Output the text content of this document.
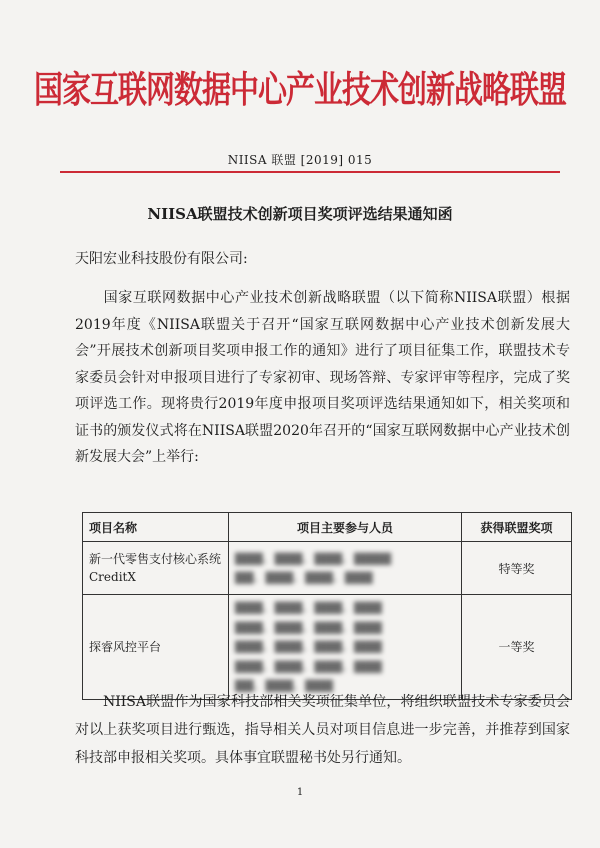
国家互联网数据中心产业技术创新战略联盟
NIISA 联盟 [2019] 015
NIISA联盟技术创新项目奖项评选结果通知函
天阳宏业科技股份有限公司:

国家互联网数据中心产业技术创新战略联盟（以下简称NIISA联盟）根据2019年度《NIISA联盟关于召开“国家互联网数据中心产业技术创新发展大会”开展技术创新项目奖项申报工作的通知》进行了项目征集工作，联盟技术专家委员会针对申报项目进行了专家初审、现场答辩、专家评审等程序，完成了奖项评选工作。现将贵行2019年度申报项目奖项评选结果通知如下，相关奖项和证书的颁发仪式将在NIISA联盟2020年召开的“国家互联网数据中心产业技术创新发展大会”上举行:

项目名称	项目主要参与人员	获得联盟奖项
新一代零售支付核心系统 CreditX	▇▇▇、▇▇▇、▇▇▇、▇▇▇▇
▇▇、▇▇▇、▇▇▇、▇▇▇	特等奖
探睿风控平台	▇▇▇、▇▇▇、▇▇▇、▇▇▇
▇▇▇、▇▇▇、▇▇▇、▇▇▇
▇▇▇、▇▇▇、▇▇▇、▇▇▇
▇▇▇、▇▇▇、▇▇▇、▇▇▇
▇▇、▇▇▇、▇▇▇	一等奖

NIISA联盟作为国家科技部相关奖项征集单位，将组织联盟技术专家委员会对以上获奖项目进行甄选，指导相关人员对项目信息进一步完善，并推荐到国家科技部申报相关奖项。具体事宜联盟秘书处另行通知。

1
